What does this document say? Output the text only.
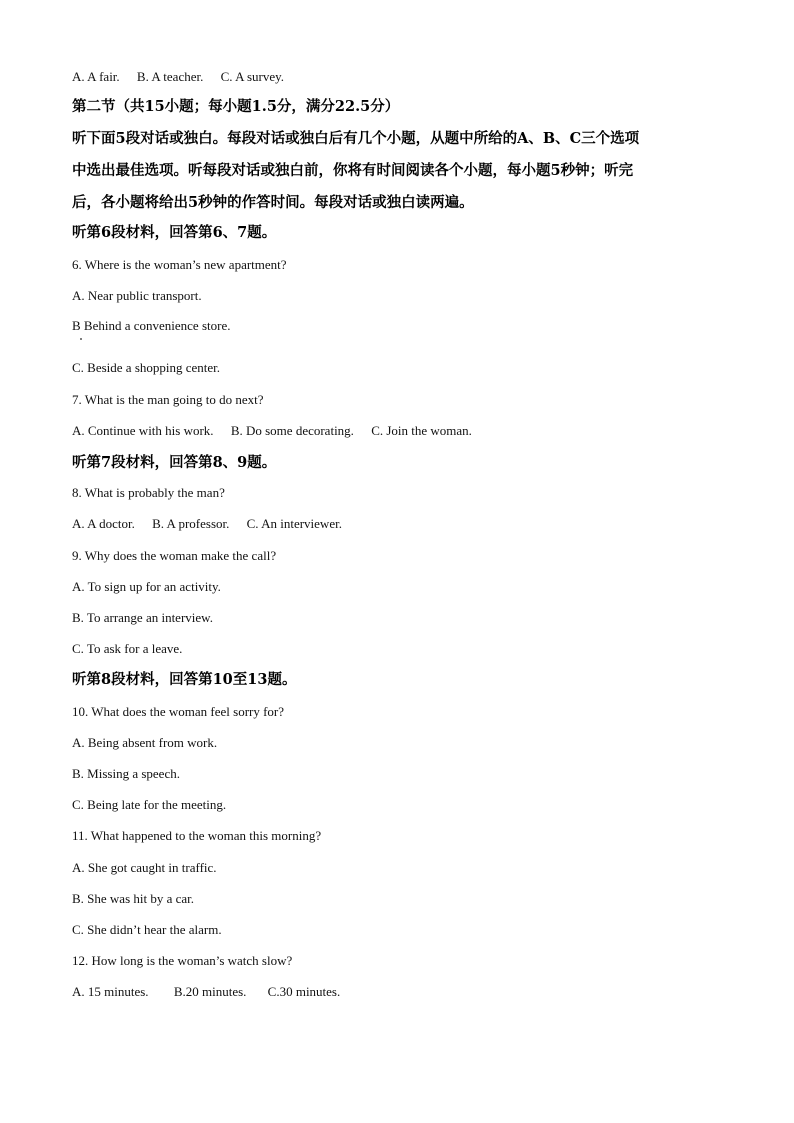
A. A fair. B. A teacher. C. A survey.
第二节（共15小题；每小题1.5分，满分22.5分）
听下面5段对话或独白。每段对话或独白后有几个小题，从题中所给的A、B、C三个选项
中选出最佳选项。听每段对话或独白前，你将有时间阅读各个小题，每小题5秒钟；听完
后，各小题将给出5秒钟的作答时间。每段对话或独白读两遍。
听第6段材料，回答第6、7题。
6. Where is the woman’s new apartment?
A. Near public transport.
B Behind a convenience store.
C. Beside a shopping center.
7. What is the man going to do next?
A. Continue with his work. B. Do some decorating. C. Join the woman.
听第7段材料，回答第8、9题。
8. What is probably the man?
A. A doctor. B. A professor. C. An interviewer.
9. Why does the woman make the call?
A. To sign up for an activity.
B. To arrange an interview.
C. To ask for a leave.
听第8段材料，回答第10至13题。
10. What does the woman feel sorry for?
A. Being absent from work.
B. Missing a speech.
C. Being late for the meeting.
11. What happened to the woman this morning?
A. She got caught in traffic.
B. She was hit by a car.
C. She didn’t hear the alarm.
12. How long is the woman’s watch slow?
A. 15 minutes. B.20 minutes. C.30 minutes.
